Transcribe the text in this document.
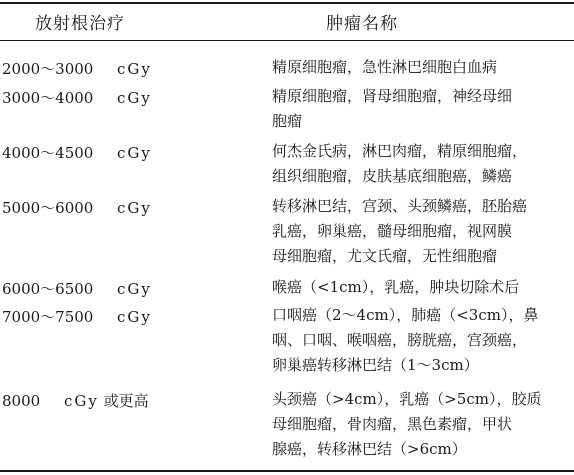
放射根治疗	肿瘤名称
2000～3000 cGy	精原细胞瘤，急性淋巴细胞白血病
3000～4000 cGy	精原细胞瘤，肾母细胞瘤，神经母细
胞瘤
4000～4500 cGy	何杰金氏病，淋巴肉瘤，精原细胞瘤，
组织细胞瘤，皮肤基底细胞癌，鳞癌
5000～6000 cGy	转移淋巴结，宫颈、头颈鳞癌，胚胎癌
乳癌，卵巢癌，髓母细胞瘤，视网膜
母细胞瘤，尤文氏瘤，无性细胞瘤
6000～6500 cGy	喉癌（<1cm），乳癌，肿块切除术后
7000～7500 cGy	口咽癌（2～4cm），肺癌（<3cm），鼻
咽、口咽、喉咽癌，膀胱癌，宫颈癌，
卵巢癌转移淋巴结（1～3cm）
8000 cGy 或更高	头颈癌（>4cm），乳癌（>5cm），胶质
母细胞瘤，骨肉瘤，黑色素瘤，甲状
腺癌，转移淋巴结（>6cm）
